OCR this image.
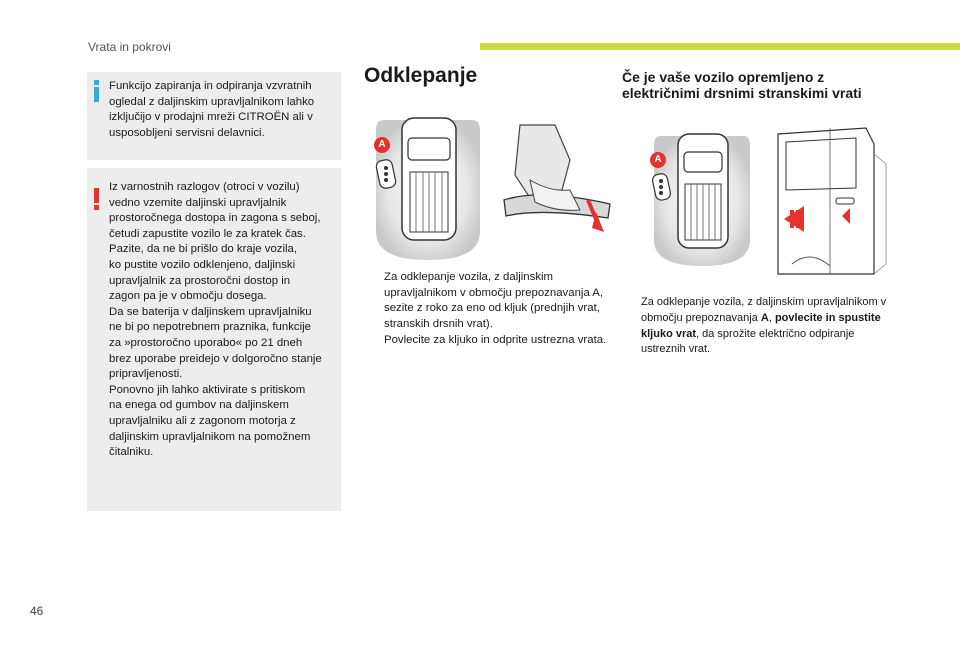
Vrata in pokrovi
Funkcijo zapiranja in odpiranja vzvratnih
ogledal z daljinskim upravljalnikom lahko
izključijo v prodajni mreži CITROËN ali v
usposobljeni servisni delavnici.
Iz varnostnih razlogov (otroci v vozilu)
vedno vzemite daljinski upravljalnik
prostoročnega dostopa in zagona s seboj,
četudi zapustite vozilo le za kratek čas.
Pazite, da ne bi prišlo do kraje vozila,
ko pustite vozilo odklenjeno, daljinski
upravljalnik za prostoročni dostop in
zagon pa je v območju dosega.
Da se baterija v daljinskem upravljalniku
ne bi po nepotrebnem praznika, funkcije
za »prostoročno uporabo« po 21 dneh
brez uporabe preidejo v dolgoročno stanje
pripravljenosti.
Ponovno jih lahko aktivirate s pritiskom
na enega od gumbov na daljinskem
upravljalniku ali z zagonom motorja z
daljinskim upravljalnikom na pomožnem
čitalniku.
Odklepanje	Če je vaše vozilo opremljeno z
električnimi drsnimi stranskimi vrati
A
Za odklepanje vozila, z daljinskim upravljalnikom v območju prepoznavanja A, sezite z roko za eno od kljuk (prednjih vrat, stranskih drsnih vrat).
Povlecite za kljuko in odprite ustrezna vrata.
A
Za odklepanje vozila, z daljinskim upravljalnikom v območju prepoznavanja A, povlecite in spustite kljuko vrat, da sprožite električno odpiranje ustreznih vrat.
46
